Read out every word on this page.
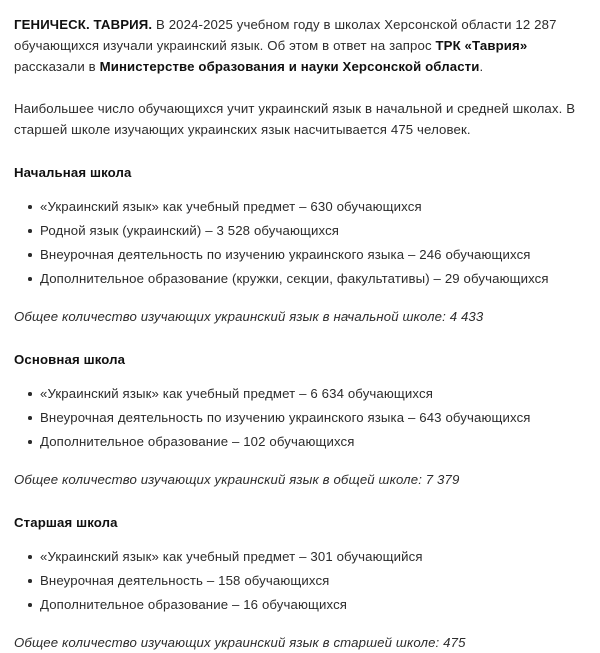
ГЕНИЧЕСК. ТАВРИЯ. В 2024-2025 учебном году в школах Херсонской области 12 287 обучающихся изучали украинский язык. Об этом в ответ на запрос ТРК «Таврия» рассказали в Министерстве образования и науки Херсонской области.

Наибольшее число обучающихся учит украинский язык в начальной и средней школах. В старшей школе изучающих украинских язык насчитывается 475 человек.

Начальная школа
«Украинский язык» как учебный предмет – 630 обучающихся
Родной язык (украинский) – 3 528 обучающихся
Внеурочная деятельность по изучению украинского языка – 246 обучающихся
Дополнительное образование (кружки, секции, факультативы) – 29 обучающихся

Общее количество изучающих украинский язык в начальной школе: 4 433

Основная школа
«Украинский язык» как учебный предмет – 6 634 обучающихся
Внеурочная деятельность по изучению украинского языка – 643 обучающихся
Дополнительное образование – 102 обучающихся

Общее количество изучающих украинский язык в общей школе: 7 379

Старшая школа
«Украинский язык» как учебный предмет – 301 обучающийся
Внеурочная деятельность – 158 обучающихся
Дополнительное образование – 16 обучающихся

Общее количество изучающих украинский язык в старшей школе: 475
